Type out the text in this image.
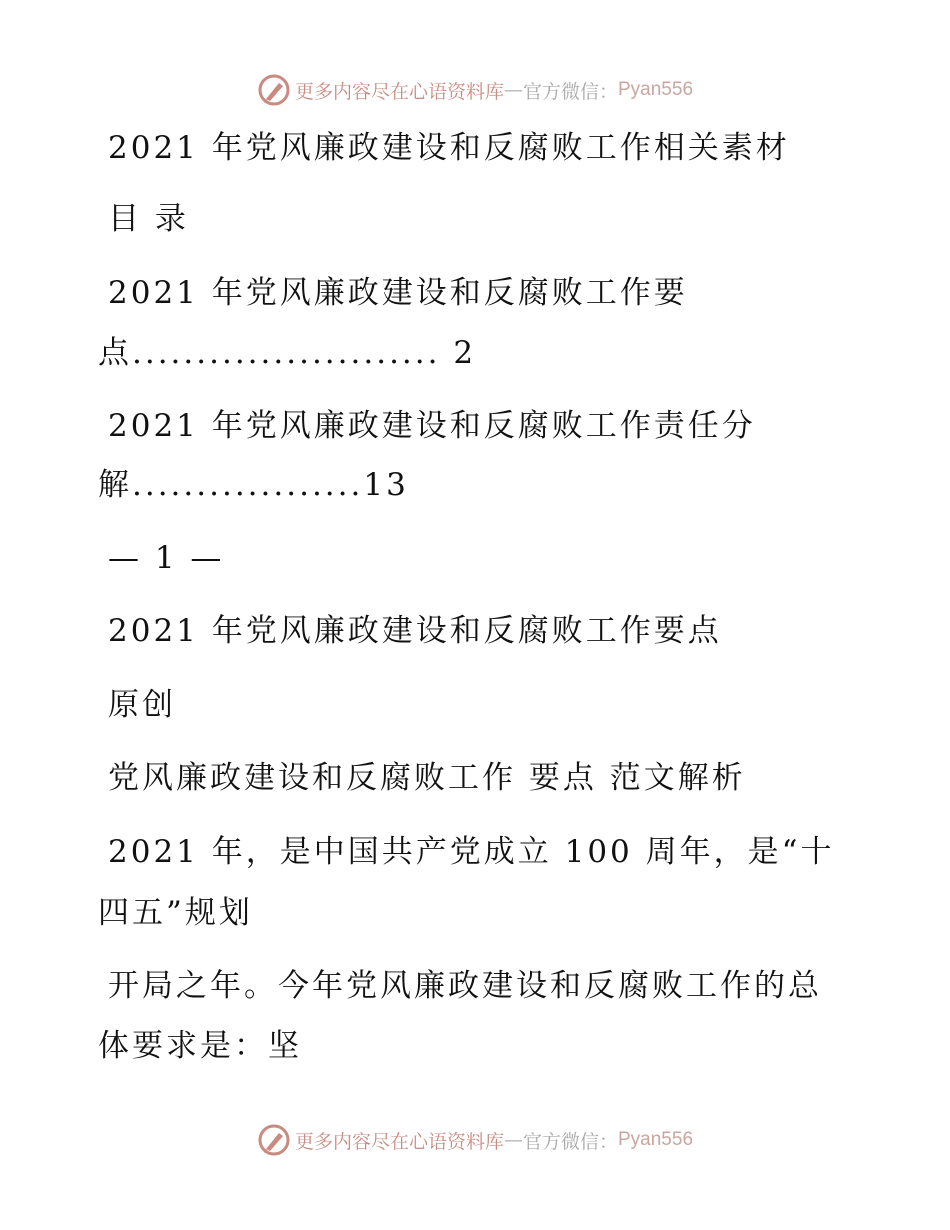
更多内容尽在心语资料库 — 官方微信： Pyan556
2021 年党风廉政建设和反腐败工作相关素材
目 录
2021 年党风廉政建设和反腐败工作要
点........................ 2
2021 年党风廉政建设和反腐败工作责任分
解..................13
— 1 —
2021 年党风廉政建设和反腐败工作要点
原创
党风廉政建设和反腐败工作 要点 范文解析
2021 年，是中国共产党成立 100 周年，是“十
四五”规划
开局之年。今年党风廉政建设和反腐败工作的总
体要求是：坚
更多内容尽在心语资料库 — 官方微信： Pyan556
